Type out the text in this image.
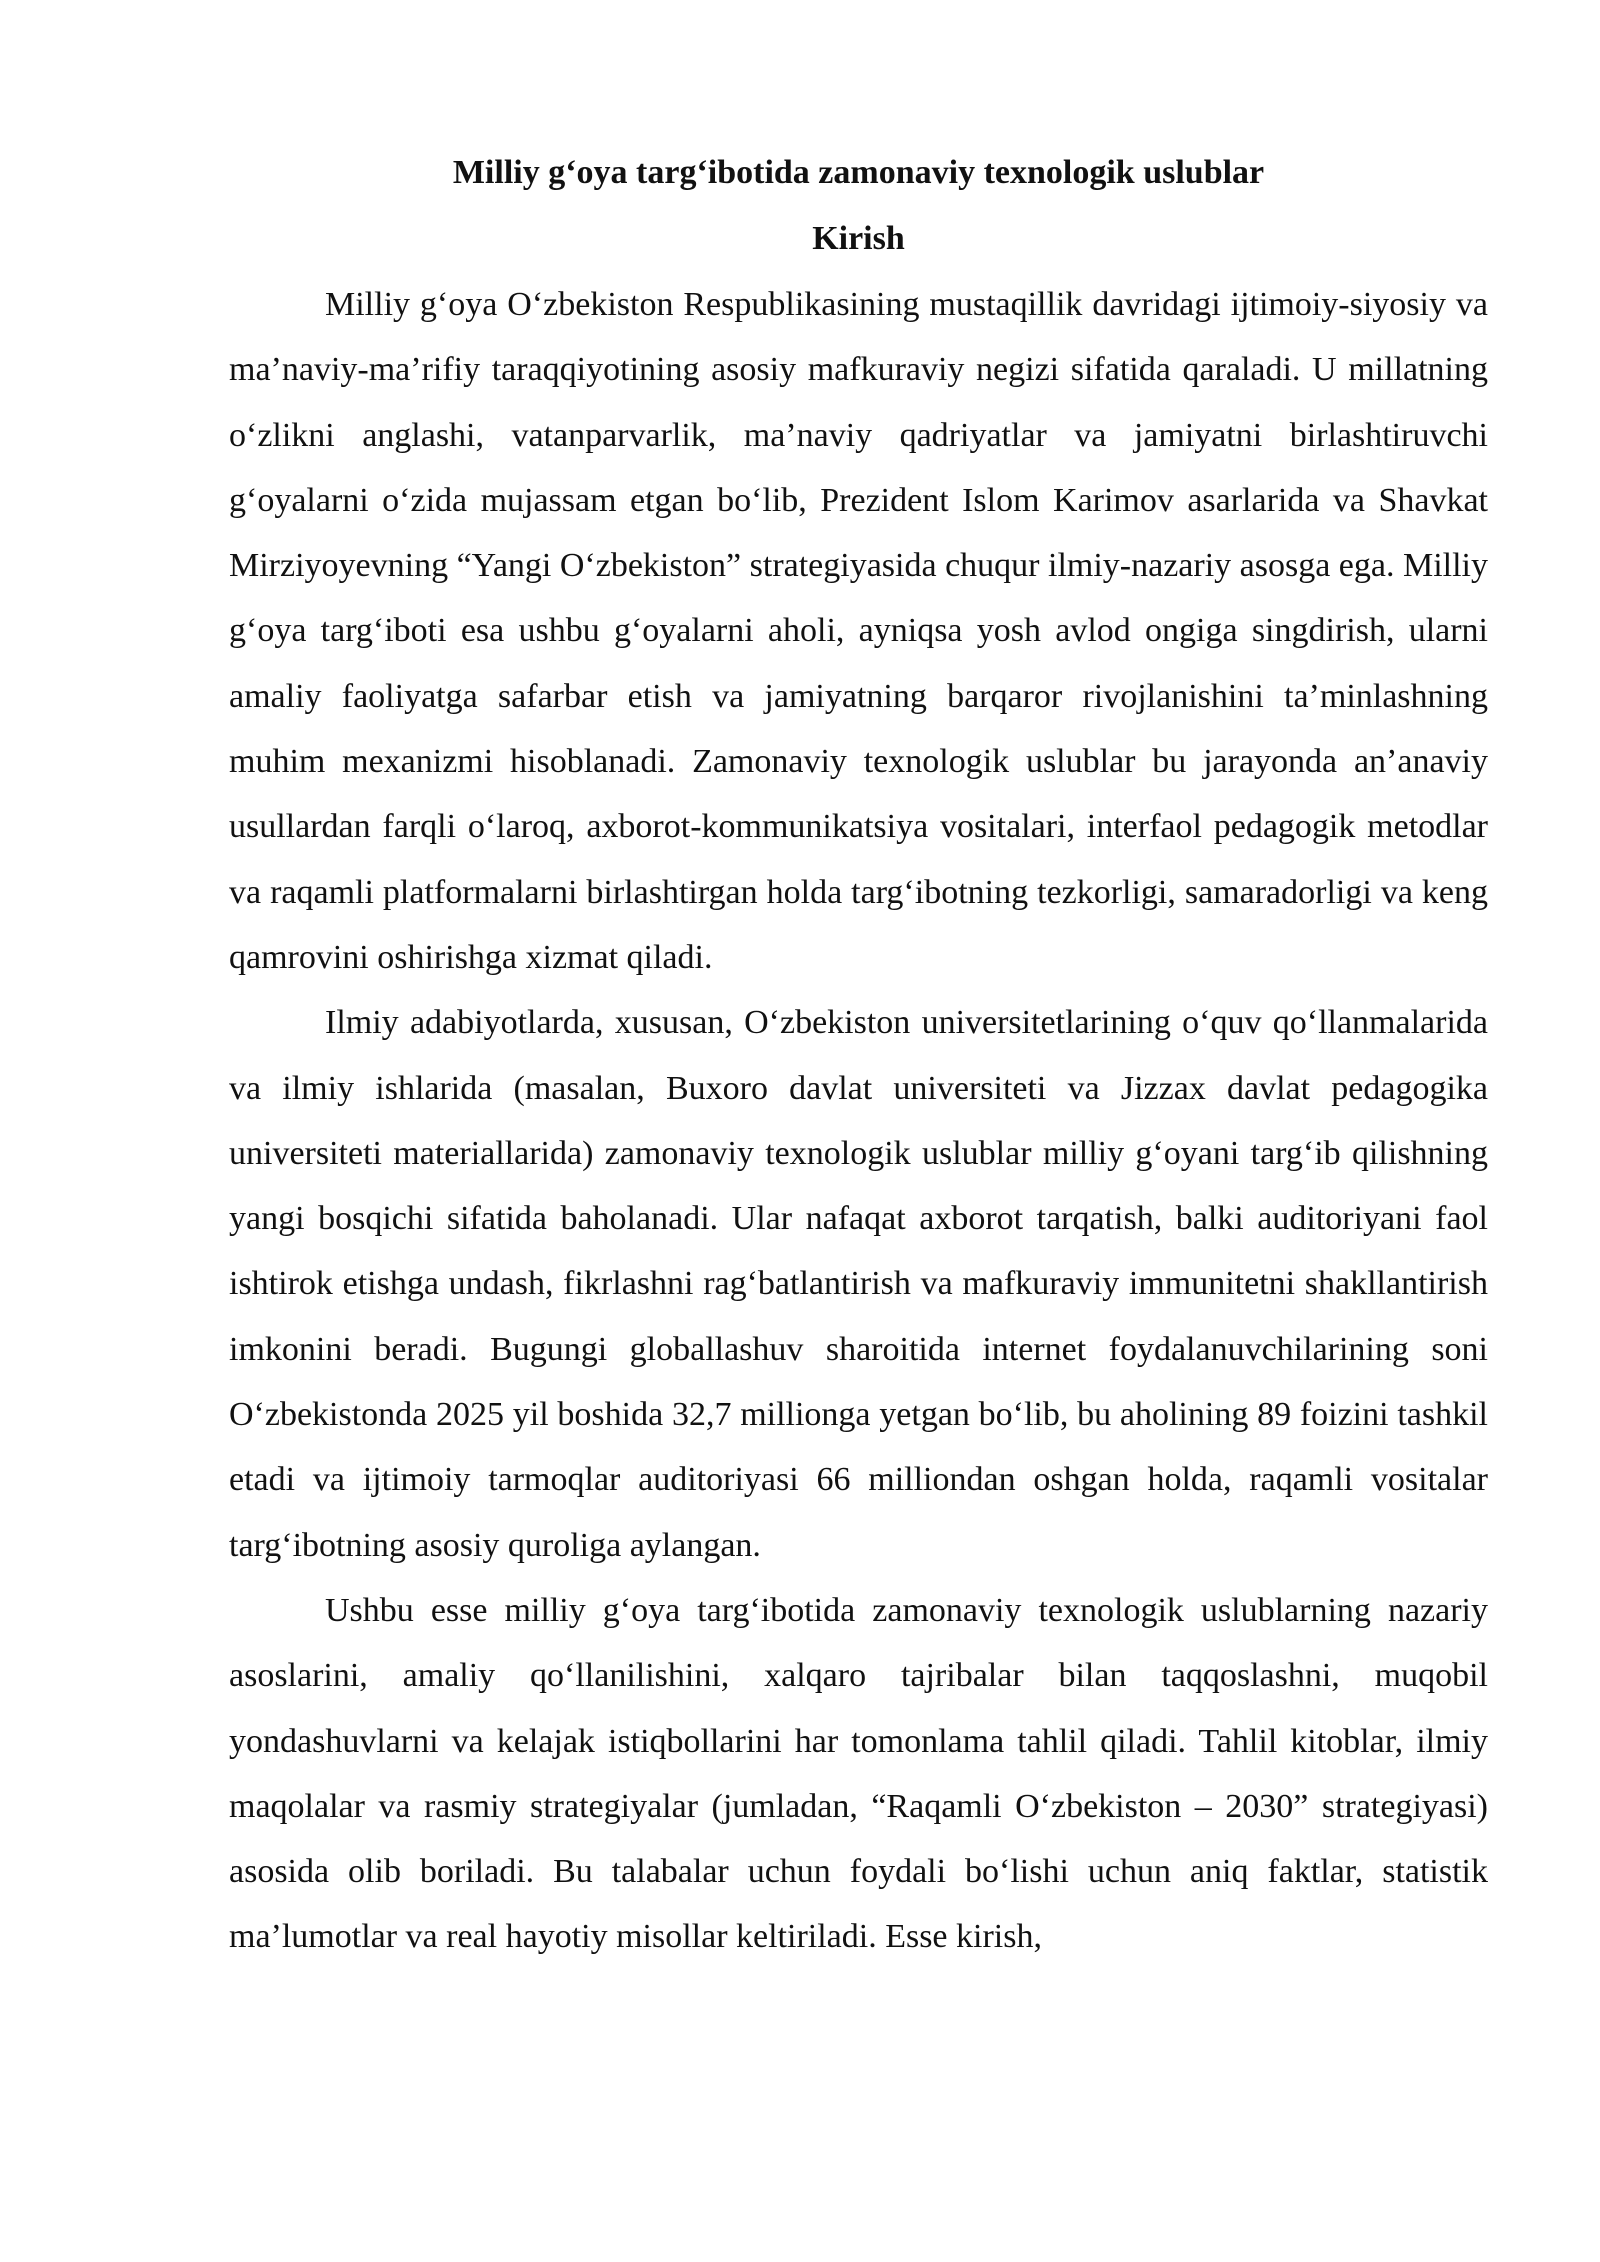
Milliy g‘oya targ‘ibotida zamonaviy texnologik uslublar
Kirish

Milliy g‘oya O‘zbekiston Respublikasining mustaqillik davridagi ijtimoiy-siyosiy va ma’naviy-ma’rifiy taraqqiyotining asosiy mafkuraviy negizi sifatida qaraladi. U millatning o‘zlikni anglashi, vatanparvarlik, ma’naviy qadriyatlar va jamiyatni birlashtiruvchi g‘oyalarni o‘zida mujassam etgan bo‘lib, Prezident Islom Karimov asarlarida va Shavkat Mirziyoyevning “Yangi O‘zbekiston” strategiyasida chuqur ilmiy-nazariy asosga ega. Milliy g‘oya targ‘iboti esa ushbu g‘oyalarni aholi, ayniqsa yosh avlod ongiga singdirish, ularni amaliy faoliyatga safarbar etish va jamiyatning barqaror rivojlanishini ta’minlashning muhim mexanizmi hisoblanadi. Zamonaviy texnologik uslublar bu jarayonda an’anaviy usullardan farqli o‘laroq, axborot-kommunikatsiya vositalari, interfaol pedagogik metodlar va raqamli platformalarni birlashtirgan holda targ‘ibotning tezkorligi, samaradorligi va keng qamrovini oshirishga xizmat qiladi.

Ilmiy adabiyotlarda, xususan, O‘zbekiston universitetlarining o‘quv qo‘llanmalarida va ilmiy ishlarida (masalan, Buxoro davlat universiteti va Jizzax davlat pedagogika universiteti materiallarida) zamonaviy texnologik uslublar milliy g‘oyani targ‘ib qilishning yangi bosqichi sifatida baholanadi. Ular nafaqat axborot tarqatish, balki auditoriyani faol ishtirok etishga undash, fikrlashni rag‘batlantirish va mafkuraviy immunitetni shakllantirish imkonini beradi. Bugungi globallashuv sharoitida internet foydalanuvchilarining soni O‘zbekistonda 2025 yil boshida 32,7 millionga yetgan bo‘lib, bu aholining 89 foizini tashkil etadi va ijtimoiy tarmoqlar auditoriyasi 66 milliondan oshgan holda, raqamli vositalar targ‘ibotning asosiy quroliga aylangan.

Ushbu esse milliy g‘oya targ‘ibotida zamonaviy texnologik uslublarning nazariy asoslarini, amaliy qo‘llanilishini, xalqaro tajribalar bilan taqqoslashni, muqobil yondashuvlarni va kelajak istiqbollarini har tomonlama tahlil qiladi. Tahlil kitoblar, ilmiy maqolalar va rasmiy strategiyalar (jumladan, “Raqamli O‘zbekiston – 2030” strategiyasi) asosida olib boriladi. Bu talabalar uchun foydali bo‘lishi uchun aniq faktlar, statistik ma’lumotlar va real hayotiy misollar keltiriladi. Esse kirish,
